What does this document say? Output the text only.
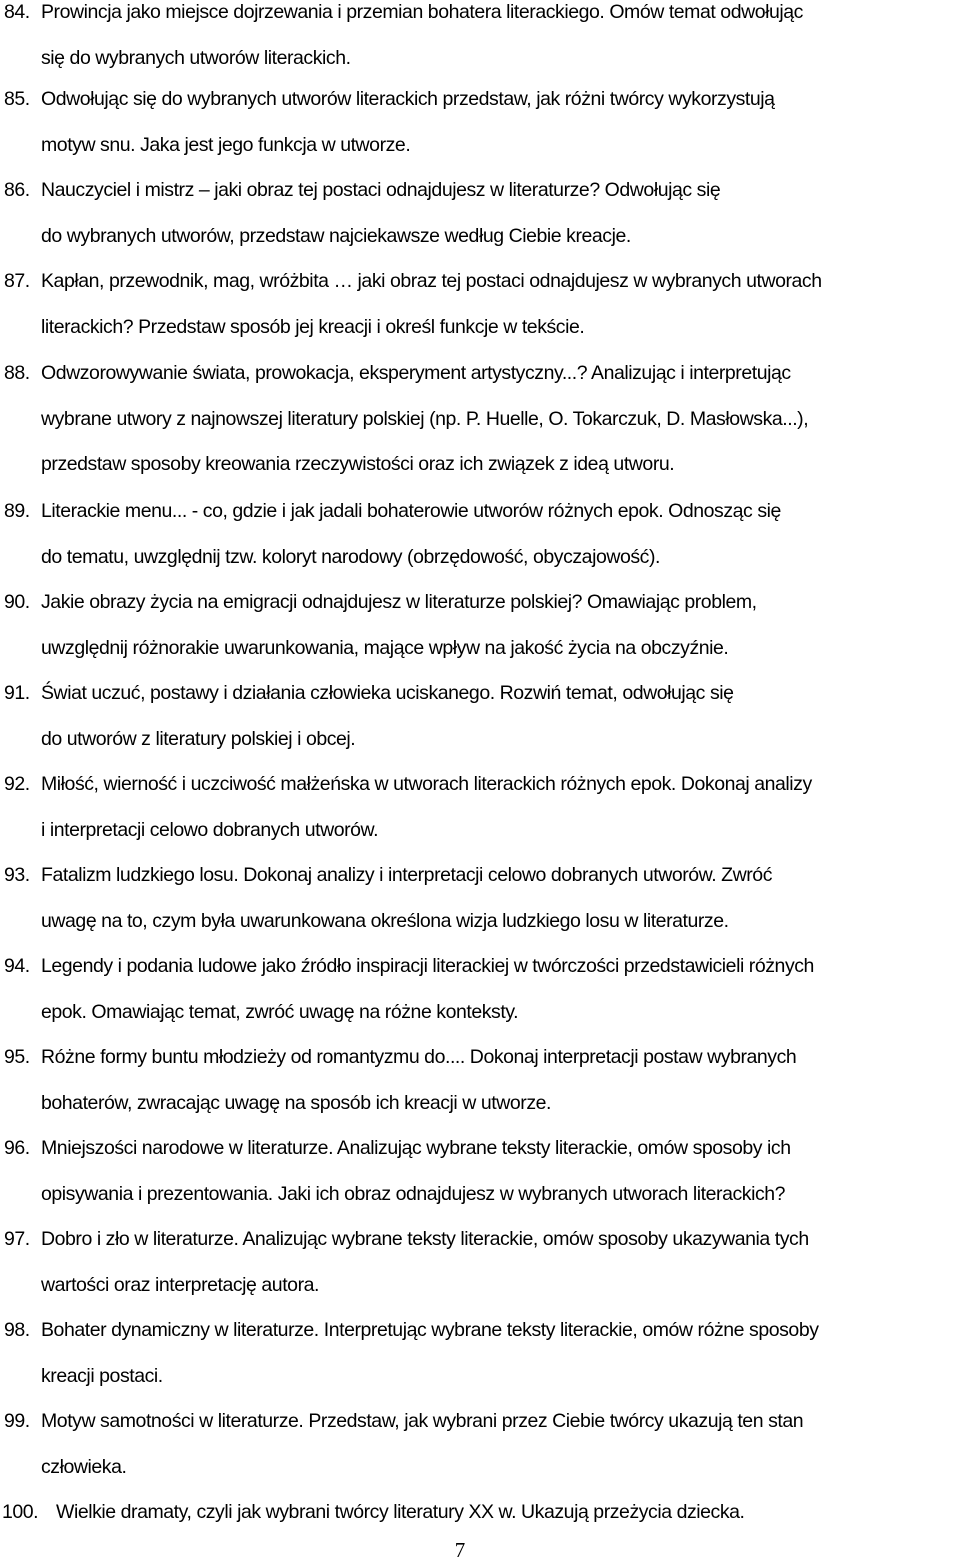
84. Prowincja jako miejsce dojrzewania i przemian bohatera literackiego. Omów temat odwołując
się do wybranych utworów literackich.
85. Odwołując się do wybranych utworów literackich przedstaw, jak różni twórcy wykorzystują
motyw snu. Jaka jest jego funkcja w utworze.
86. Nauczyciel i mistrz – jaki obraz tej postaci odnajdujesz w literaturze? Odwołując się
do wybranych utworów, przedstaw najciekawsze według Ciebie kreacje.
87. Kapłan, przewodnik, mag, wróżbita … jaki obraz tej postaci odnajdujesz w wybranych utworach
literackich? Przedstaw sposób jej kreacji i określ funkcje w tekście.
88. Odwzorowywanie świata, prowokacja, eksperyment artystyczny...? Analizując i interpretując
wybrane utwory z najnowszej literatury polskiej (np. P. Huelle, O. Tokarczuk, D. Masłowska...),
przedstaw sposoby kreowania rzeczywistości oraz ich związek z ideą utworu.
89. Literackie menu... - co, gdzie i jak jadali bohaterowie utworów różnych epok. Odnosząc się
do tematu, uwzględnij tzw. koloryt narodowy (obrzędowość, obyczajowość).
90. Jakie obrazy życia na emigracji odnajdujesz w literaturze polskiej? Omawiając problem,
uwzględnij różnorakie uwarunkowania, mające wpływ na jakość życia na obczyźnie.
91. Świat uczuć, postawy i działania człowieka uciskanego. Rozwiń temat, odwołując się
do utworów z literatury polskiej i obcej.
92. Miłość, wierność i uczciwość małżeńska w utworach literackich różnych epok. Dokonaj analizy
i interpretacji celowo dobranych utworów.
93. Fatalizm ludzkiego losu. Dokonaj analizy i interpretacji celowo dobranych utworów. Zwróć
uwagę na to, czym była uwarunkowana określona wizja ludzkiego losu w literaturze.
94. Legendy i podania ludowe jako źródło inspiracji literackiej w twórczości przedstawicieli różnych
epok. Omawiając temat, zwróć uwagę na różne konteksty.
95. Różne formy buntu młodzieży od romantyzmu do.... Dokonaj interpretacji postaw wybranych
bohaterów, zwracając uwagę na sposób ich kreacji w utworze.
96. Mniejszości narodowe w literaturze. Analizując wybrane teksty literackie, omów sposoby ich
opisywania i prezentowania. Jaki ich obraz odnajdujesz w wybranych utworach literackich?
97. Dobro i zło w literaturze. Analizując wybrane teksty literackie, omów sposoby ukazywania tych
wartości oraz interpretację autora.
98. Bohater dynamiczny w literaturze. Interpretując wybrane teksty literackie, omów różne sposoby
kreacji postaci.
99. Motyw samotności w literaturze. Przedstaw, jak wybrani przez Ciebie twórcy ukazują ten stan
człowieka.
100. Wielkie dramaty, czyli jak wybrani twórcy literatury XX w. Ukazują przeżycia dziecka.
7
